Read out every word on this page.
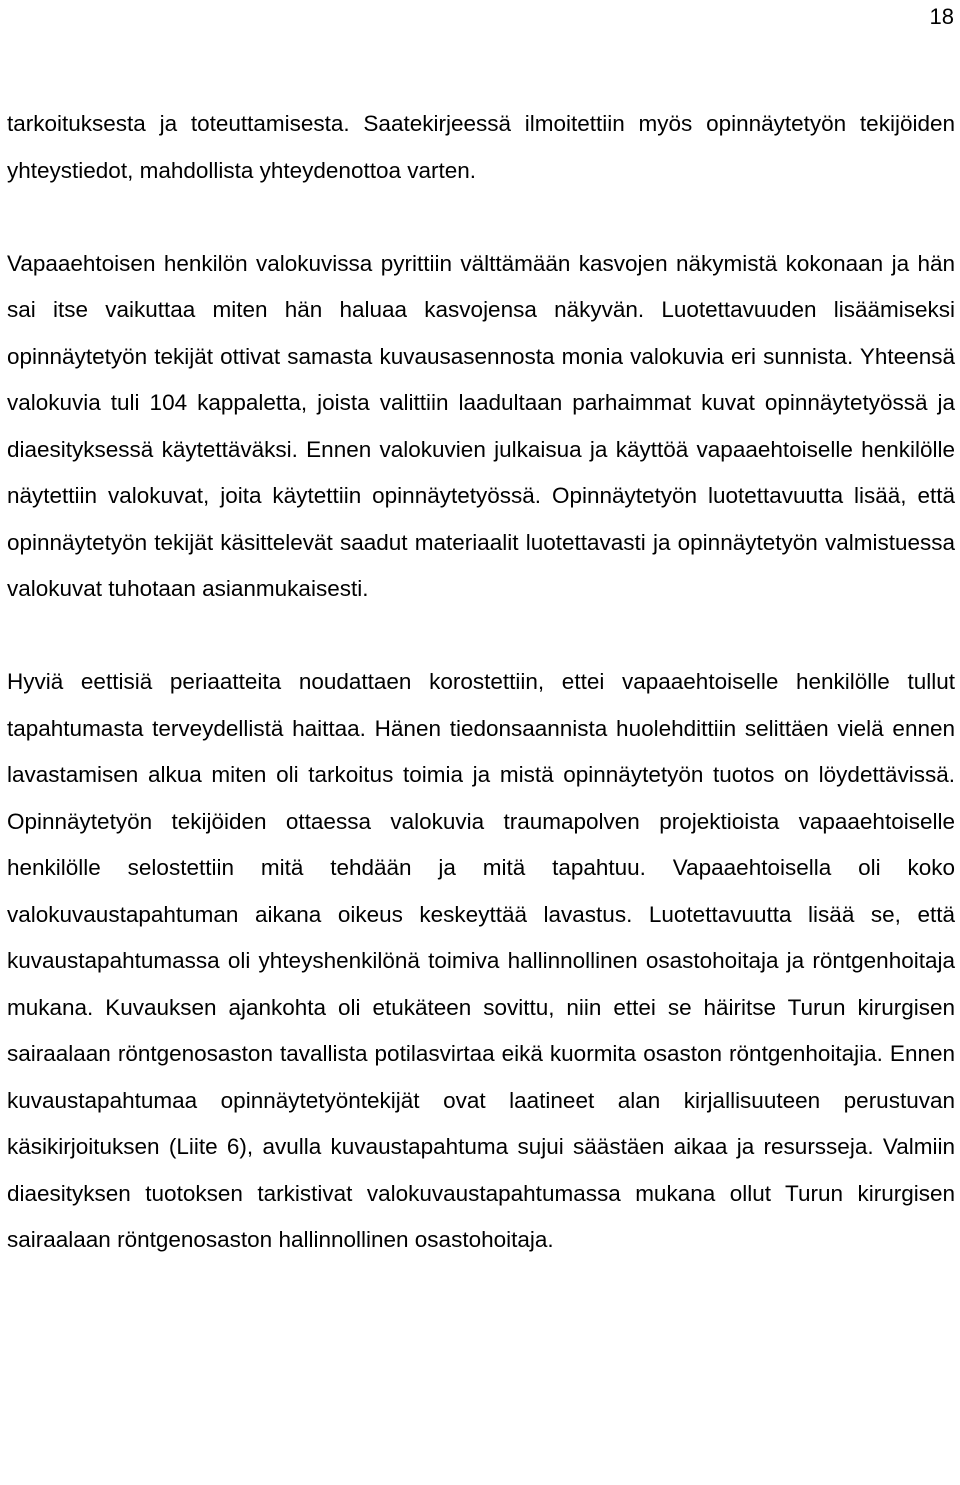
18

tarkoituksesta ja toteuttamisesta. Saatekirjeessä ilmoitettiin myös opinnäytetyön tekijöiden yhteystiedot, mahdollista yhteydenottoa varten.

Vapaaehtoisen henkilön valokuvissa pyrittiin välttämään kasvojen näkymistä kokonaan ja hän sai itse vaikuttaa miten hän haluaa kasvojensa näkyvän. Luotettavuuden lisäämiseksi opinnäytetyön tekijät ottivat samasta kuvausasennosta monia valokuvia eri sunnista. Yhteensä valokuvia tuli 104 kappaletta, joista valittiin laadultaan parhaimmat kuvat opinnäytetyössä ja diaesityksessä käytettäväksi. Ennen valokuvien julkaisua ja käyttöä vapaaehtoiselle henkilölle näytettiin valokuvat, joita käytettiin opinnäytetyössä. Opinnäytetyön luotettavuutta lisää, että opinnäytetyön tekijät käsittelevät saadut materiaalit luotettavasti ja opinnäytetyön valmistuessa valokuvat tuhotaan asianmukaisesti.

Hyviä eettisiä periaatteita noudattaen korostettiin, ettei vapaaehtoiselle henkilölle tullut tapahtumasta terveydellistä haittaa. Hänen tiedonsaannista huolehdittiin selittäen vielä ennen lavastamisen alkua miten oli tarkoitus toimia ja mistä opinnäytetyön tuotos on löydettävissä. Opinnäytetyön tekijöiden ottaessa valokuvia traumapolven projektioista vapaaehtoiselle henkilölle selostettiin mitä tehdään ja mitä tapahtuu. Vapaaehtoisella oli koko valokuvaustapahtuman aikana oikeus keskeyttää lavastus. Luotettavuutta lisää se, että kuvaustapahtumassa oli yhteyshenkilönä toimiva hallinnollinen osastohoitaja ja röntgenhoitaja mukana. Kuvauksen ajankohta oli etukäteen sovittu, niin ettei se häiritse Turun kirurgisen sairaalaan röntgenosaston tavallista potilasvirtaa eikä kuormita osaston röntgenhoitajia. Ennen kuvaustapahtumaa opinnäytetyöntekijät ovat laatineet alan kirjallisuuteen perustuvan käsikirjoituksen (Liite 6), avulla kuvaustapahtuma sujui säästäen aikaa ja resursseja. Valmiin diaesityksen tuotoksen tarkistivat valokuvaustapahtumassa mukana ollut Turun kirurgisen sairaalaan röntgenosaston hallinnollinen osastohoitaja.
